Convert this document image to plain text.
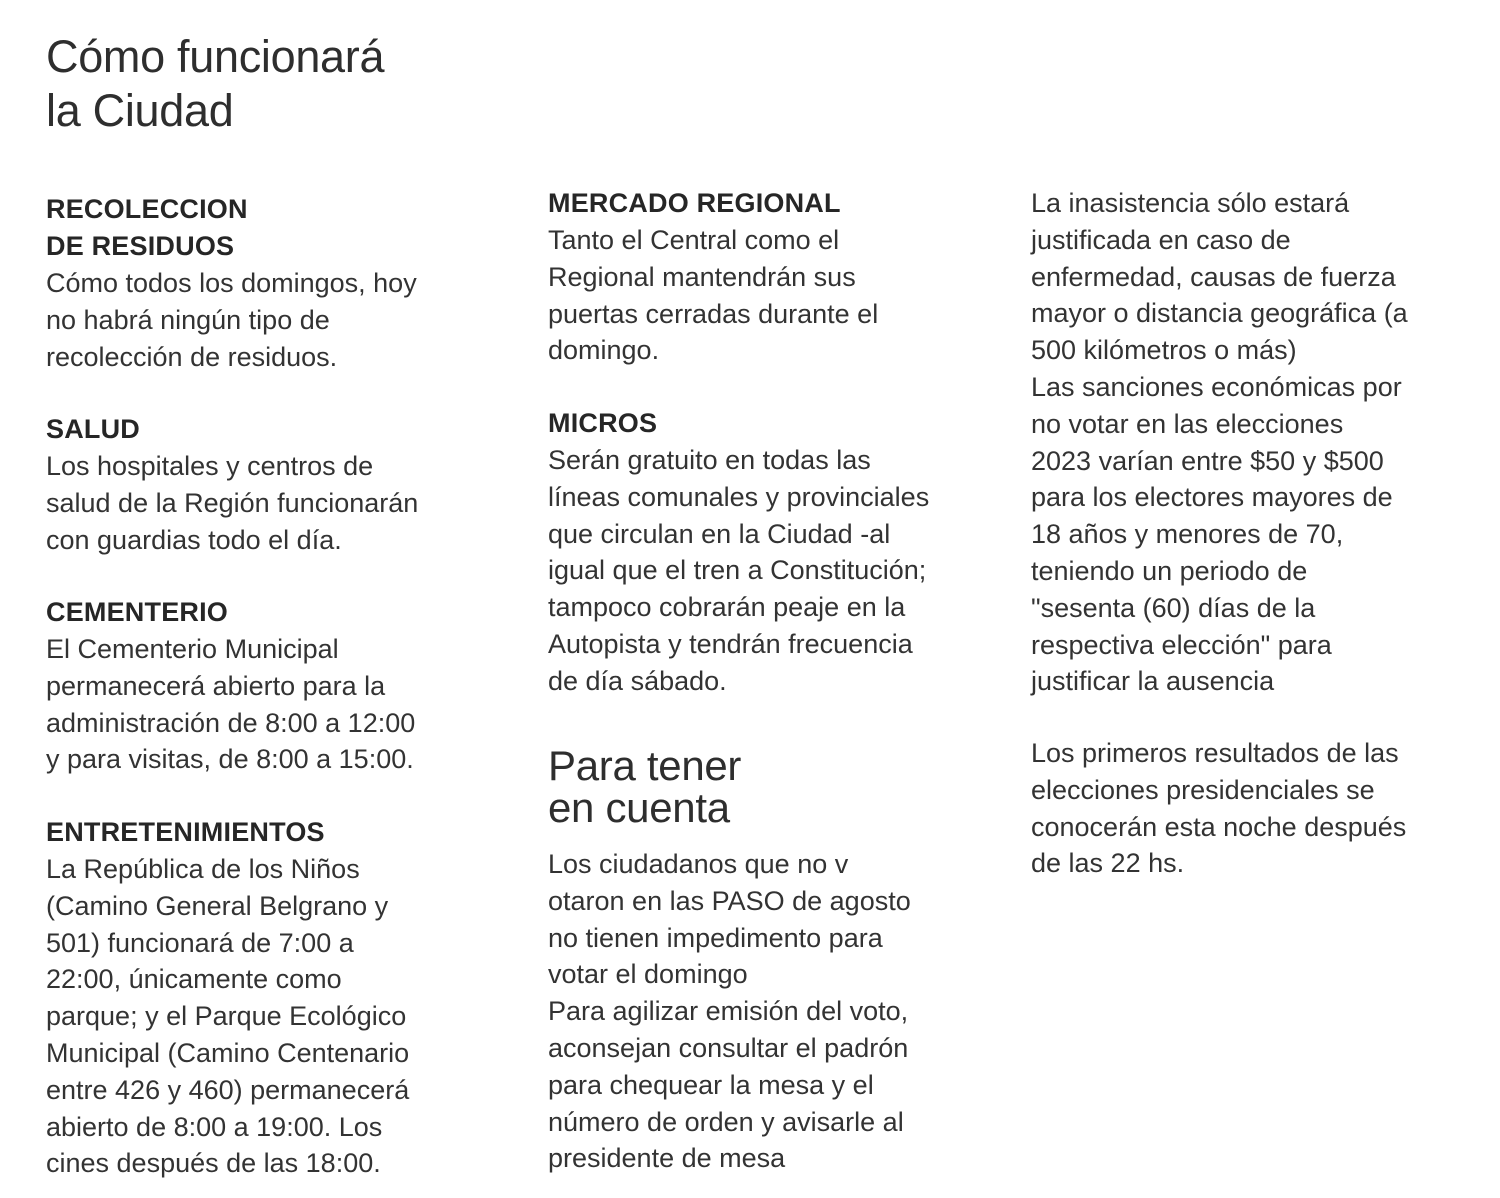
Cómo funcionará
la Ciudad
RECOLECCION
DE RESIDUOS
Cómo todos los domingos, hoy
no habrá ningún tipo de
recolección de residuos.
SALUD
Los hospitales y centros de
salud de la Región funcionarán
con guardias todo el día.
CEMENTERIO
El Cementerio Municipal
permanecerá abierto para la
administración de 8:00 a 12:00
y para visitas, de 8:00 a 15:00.
ENTRETENIMIENTOS
La República de los Niños
(Camino General Belgrano y
501) funcionará de 7:00 a
22:00, únicamente como
parque; y el Parque Ecológico
Municipal (Camino Centenario
entre 426 y 460) permanecerá
abierto de 8:00 a 19:00. Los
cines después de las 18:00.
MERCADO REGIONAL
Tanto el Central como el
Regional mantendrán sus
puertas cerradas durante el
domingo.
MICROS
Serán gratuito en todas las
líneas comunales y provinciales
que circulan en la Ciudad -al
igual que el tren a Constitución;
tampoco cobrarán peaje en la
Autopista y tendrán frecuencia
de día sábado.
Para tener
en cuenta
Los ciudadanos que no v
otaron en las PASO de agosto
no tienen impedimento para
votar el domingo
Para agilizar emisión del voto,
aconsejan consultar el padrón
para chequear la mesa y el
número de orden y avisarle al
presidente de mesa
La inasistencia sólo estará
justificada en caso de
enfermedad, causas de fuerza
mayor o distancia geográfica (a
500 kilómetros o más)
Las sanciones económicas por
no votar en las elecciones
2023 varían entre $50 y $500
para los electores mayores de
18 años y menores de 70,
teniendo un periodo de
"sesenta (60) días de la
respectiva elección" para
justificar la ausencia
Los primeros resultados de las
elecciones presidenciales se
conocerán esta noche después
de las 22 hs.
